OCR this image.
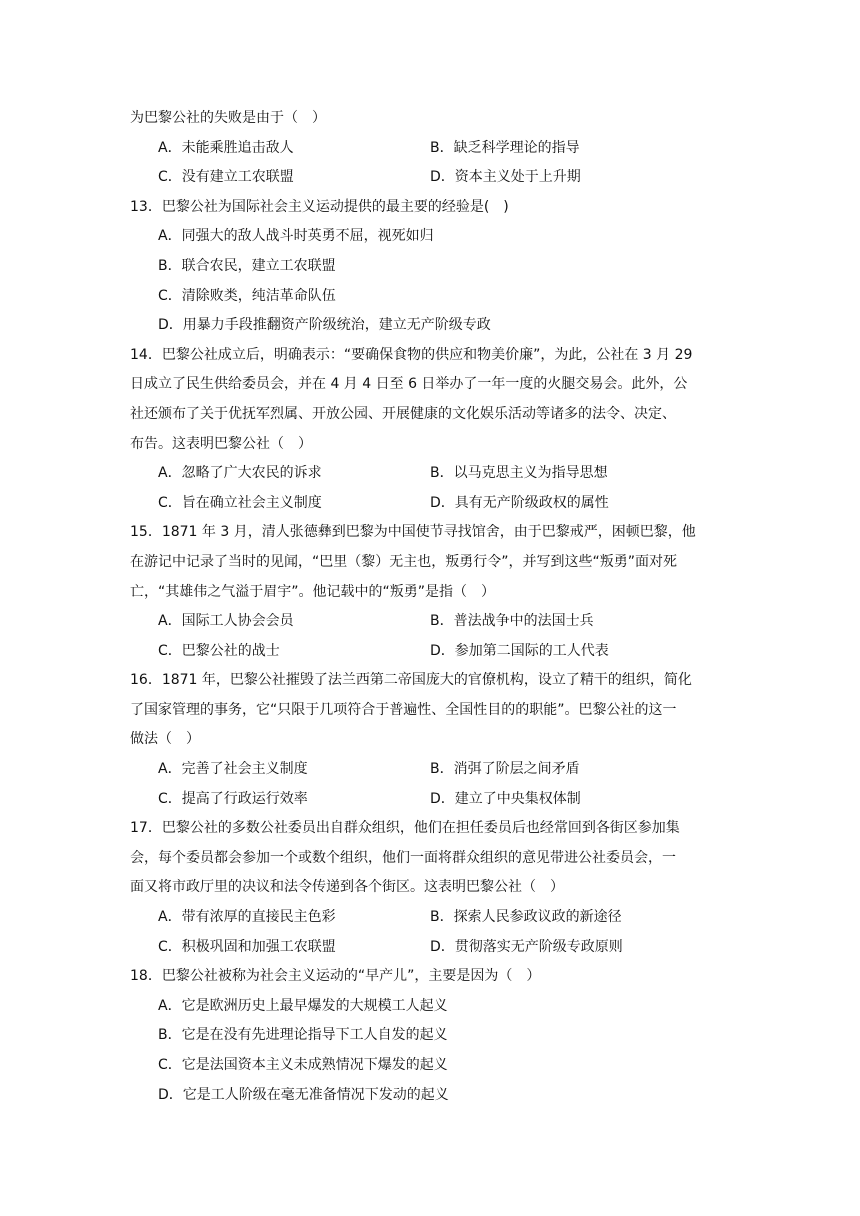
为巴黎公社的失败是由于（　）
A．未能乘胜追击敌人	B．缺乏科学理论的指导
C．没有建立工农联盟	D．资本主义处于上升期
13．巴黎公社为国际社会主义运动提供的最主要的经验是(　)
A．同强大的敌人战斗时英勇不屈，视死如归
B．联合农民，建立工农联盟
C．清除败类，纯洁革命队伍
D．用暴力手段推翻资产阶级统治，建立无产阶级专政
14．巴黎公社成立后，明确表示：“要确保食物的供应和物美价廉”，为此，公社在 3 月 29
日成立了民生供给委员会，并在 4 月 4 日至 6 日举办了一年一度的火腿交易会。此外，公
社还颁布了关于优抚军烈属、开放公园、开展健康的文化娱乐活动等诸多的法令、决定、
布告。这表明巴黎公社（　）
A．忽略了广大农民的诉求	B．以马克思主义为指导思想
C．旨在确立社会主义制度	D．具有无产阶级政权的属性
15．1871 年 3 月，清人张德彝到巴黎为中国使节寻找馆舍，由于巴黎戒严，困顿巴黎，他
在游记中记录了当时的见闻，“巴里（黎）无主也，叛勇行令”，并写到这些“叛勇”面对死
亡，“其雄伟之气溢于眉宇”。他记载中的“叛勇”是指（　）
A．国际工人协会会员	B．普法战争中的法国士兵
C．巴黎公社的战士	D．参加第二国际的工人代表
16．1871 年，巴黎公社摧毁了法兰西第二帝国庞大的官僚机构，设立了精干的组织，简化
了国家管理的事务，它“只限于几项符合于普遍性、全国性目的的职能”。巴黎公社的这一
做法（　）
A．完善了社会主义制度	B．消弭了阶层之间矛盾
C．提高了行政运行效率	D．建立了中央集权体制
17．巴黎公社的多数公社委员出自群众组织，他们在担任委员后也经常回到各街区参加集
会，每个委员都会参加一个或数个组织，他们一面将群众组织的意见带进公社委员会，一
面又将市政厅里的决议和法令传递到各个街区。这表明巴黎公社（　）
A．带有浓厚的直接民主色彩	B．探索人民参政议政的新途径
C．积极巩固和加强工农联盟	D．贯彻落实无产阶级专政原则
18．巴黎公社被称为社会主义运动的“早产儿”，主要是因为（　）
A．它是欧洲历史上最早爆发的大规模工人起义
B．它是在没有先进理论指导下工人自发的起义
C．它是法国资本主义未成熟情况下爆发的起义
D．它是工人阶级在毫无准备情况下发动的起义
